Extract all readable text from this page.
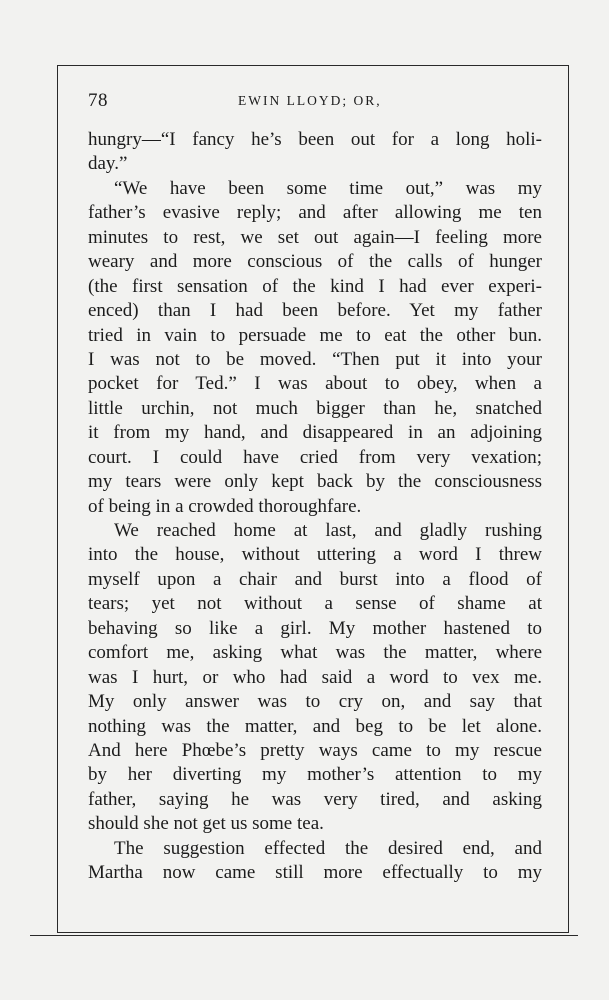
78	EWIN LLOYD; OR,
hungry—“I fancy he’s been out for a long holi-
day.”
“We have been some time out,” was my
father’s evasive reply; and after allowing me ten
minutes to rest, we set out again—I feeling more
weary and more conscious of the calls of hunger
(the first sensation of the kind I had ever experi-
enced) than I had been before. Yet my father
tried in vain to persuade me to eat the other bun.
I was not to be moved. “Then put it into your
pocket for Ted.” I was about to obey, when a
little urchin, not much bigger than he, snatched
it from my hand, and disappeared in an adjoining
court. I could have cried from very vexation;
my tears were only kept back by the consciousness
of being in a crowded thoroughfare.
We reached home at last, and gladly rushing
into the house, without uttering a word I threw
myself upon a chair and burst into a flood of
tears; yet not without a sense of shame at
behaving so like a girl. My mother hastened to
comfort me, asking what was the matter, where
was I hurt, or who had said a word to vex me.
My only answer was to cry on, and say that
nothing was the matter, and beg to be let alone.
And here Phœbe’s pretty ways came to my rescue
by her diverting my mother’s attention to my
father, saying he was very tired, and asking
should she not get us some tea.
The suggestion effected the desired end, and
Martha now came still more effectually to my
